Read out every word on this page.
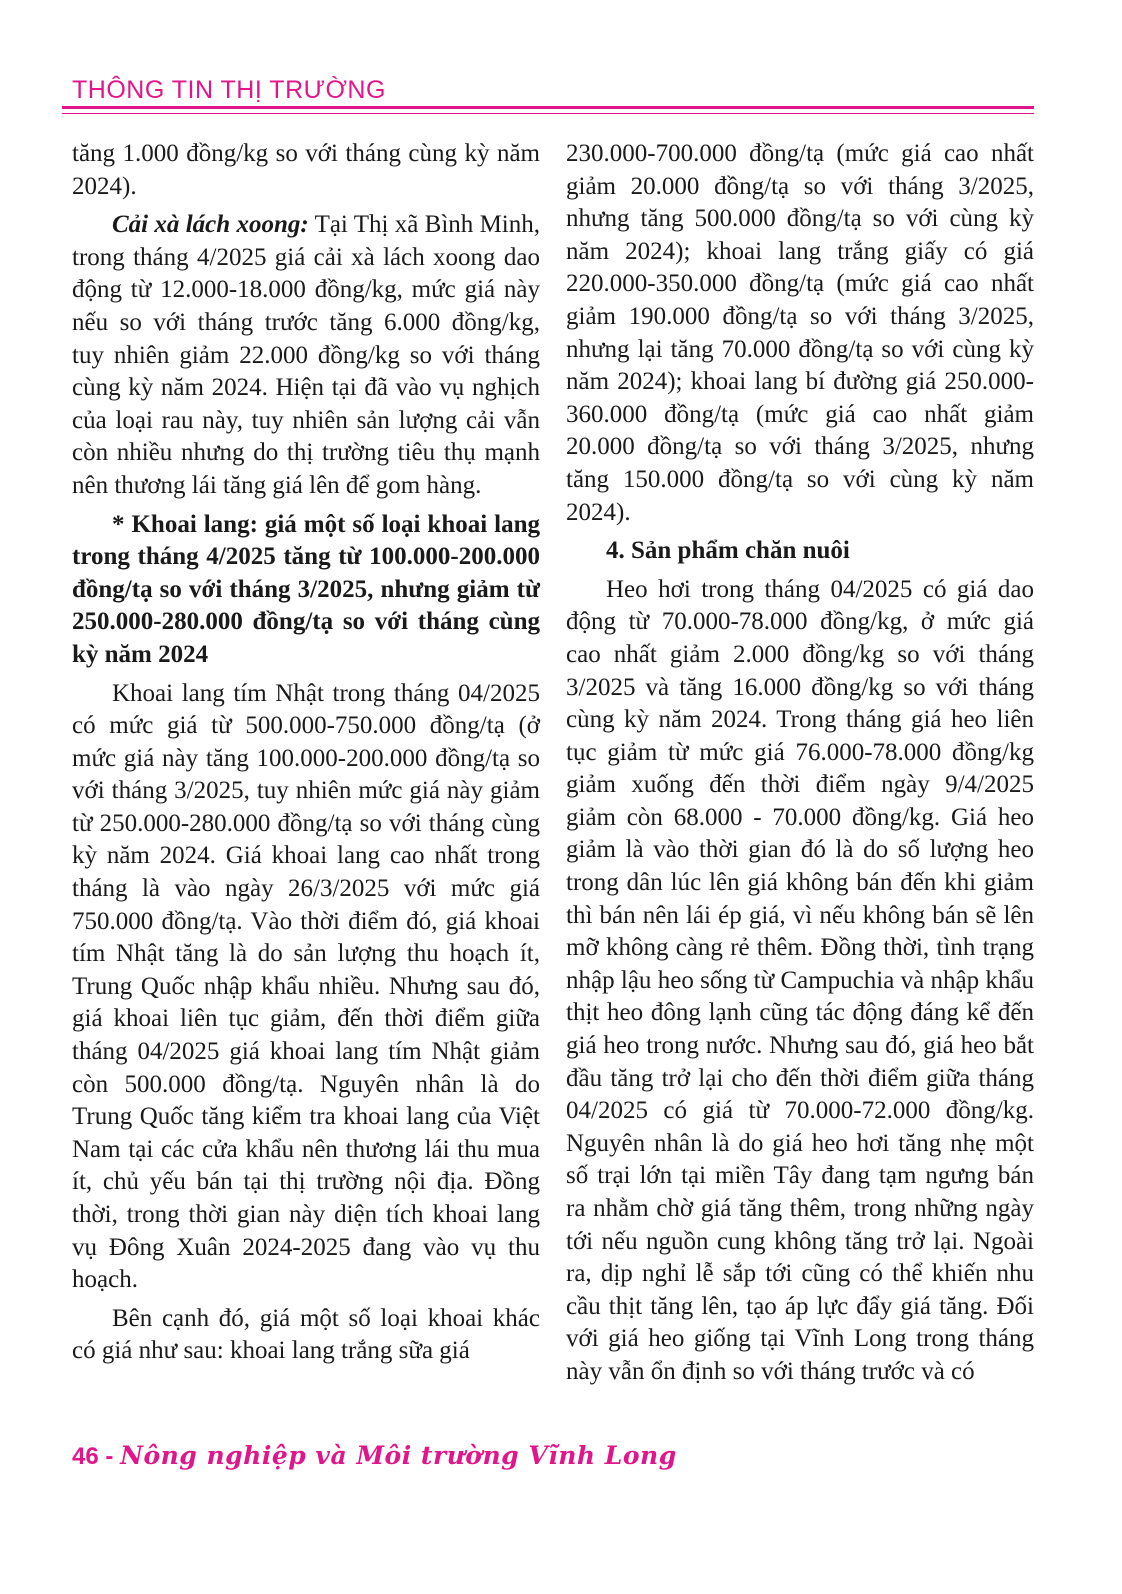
THÔNG TIN THỊ TRƯỜNG

tăng 1.000 đồng/kg so với tháng cùng kỳ năm 2024).

Cải xà lách xoong: Tại Thị xã Bình Minh, trong tháng 4/2025 giá cải xà lách xoong dao động từ 12.000-18.000 đồng/kg, mức giá này nếu so với tháng trước tăng 6.000 đồng/kg, tuy nhiên giảm 22.000 đồng/kg so với tháng cùng kỳ năm 2024. Hiện tại đã vào vụ nghịch của loại rau này, tuy nhiên sản lượng cải vẫn còn nhiều nhưng do thị trường tiêu thụ mạnh nên thương lái tăng giá lên để gom hàng.

* Khoai lang: giá một số loại khoai lang trong tháng 4/2025 tăng từ 100.000-200.000 đồng/tạ so với tháng 3/2025, nhưng giảm từ 250.000-280.000 đồng/tạ so với tháng cùng kỳ năm 2024

Khoai lang tím Nhật trong tháng 04/2025 có mức giá từ 500.000-750.000 đồng/tạ (ở mức giá này tăng 100.000-200.000 đồng/tạ so với tháng 3/2025, tuy nhiên mức giá này giảm từ 250.000-280.000 đồng/tạ so với tháng cùng kỳ năm 2024. Giá khoai lang cao nhất trong tháng là vào ngày 26/3/2025 với mức giá 750.000 đồng/tạ. Vào thời điểm đó, giá khoai tím Nhật tăng là do sản lượng thu hoạch ít, Trung Quốc nhập khẩu nhiều. Nhưng sau đó, giá khoai liên tục giảm, đến thời điểm giữa tháng 04/2025 giá khoai lang tím Nhật giảm còn 500.000 đồng/tạ. Nguyên nhân là do Trung Quốc tăng kiểm tra khoai lang của Việt Nam tại các cửa khẩu nên thương lái thu mua ít, chủ yếu bán tại thị trường nội địa. Đồng thời, trong thời gian này diện tích khoai lang vụ Đông Xuân 2024-2025 đang vào vụ thu hoạch.

Bên cạnh đó, giá một số loại khoai khác có giá như sau: khoai lang trắng sữa giá

230.000-700.000 đồng/tạ (mức giá cao nhất giảm 20.000 đồng/tạ so với tháng 3/2025, nhưng tăng 500.000 đồng/tạ so với cùng kỳ năm 2024); khoai lang trắng giấy có giá 220.000-350.000 đồng/tạ (mức giá cao nhất giảm 190.000 đồng/tạ so với tháng 3/2025, nhưng lại tăng 70.000 đồng/tạ so với cùng kỳ năm 2024); khoai lang bí đường giá 250.000-360.000 đồng/tạ (mức giá cao nhất giảm 20.000 đồng/tạ so với tháng 3/2025, nhưng tăng 150.000 đồng/tạ so với cùng kỳ năm 2024).

4. Sản phẩm chăn nuôi

Heo hơi trong tháng 04/2025 có giá dao động từ 70.000-78.000 đồng/kg, ở mức giá cao nhất giảm 2.000 đồng/kg so với tháng 3/2025 và tăng 16.000 đồng/kg so với tháng cùng kỳ năm 2024. Trong tháng giá heo liên tục giảm từ mức giá 76.000-78.000 đồng/kg giảm xuống đến thời điểm ngày 9/4/2025 giảm còn 68.000 - 70.000 đồng/kg. Giá heo giảm là vào thời gian đó là do số lượng heo trong dân lúc lên giá không bán đến khi giảm thì bán nên lái ép giá, vì nếu không bán sẽ lên mỡ không càng rẻ thêm. Đồng thời, tình trạng nhập lậu heo sống từ Campuchia và nhập khẩu thịt heo đông lạnh cũng tác động đáng kể đến giá heo trong nước. Nhưng sau đó, giá heo bắt đầu tăng trở lại cho đến thời điểm giữa tháng 04/2025 có giá từ 70.000-72.000 đồng/kg. Nguyên nhân là do giá heo hơi tăng nhẹ một số trại lớn tại miền Tây đang tạm ngưng bán ra nhằm chờ giá tăng thêm, trong những ngày tới nếu nguồn cung không tăng trở lại. Ngoài ra, dịp nghỉ lễ sắp tới cũng có thể khiến nhu cầu thịt tăng lên, tạo áp lực đẩy giá tăng. Đối với giá heo giống tại Vĩnh Long trong tháng này vẫn ổn định so với tháng trước và có

46 - Nông nghiệp và Môi trường Vĩnh Long
